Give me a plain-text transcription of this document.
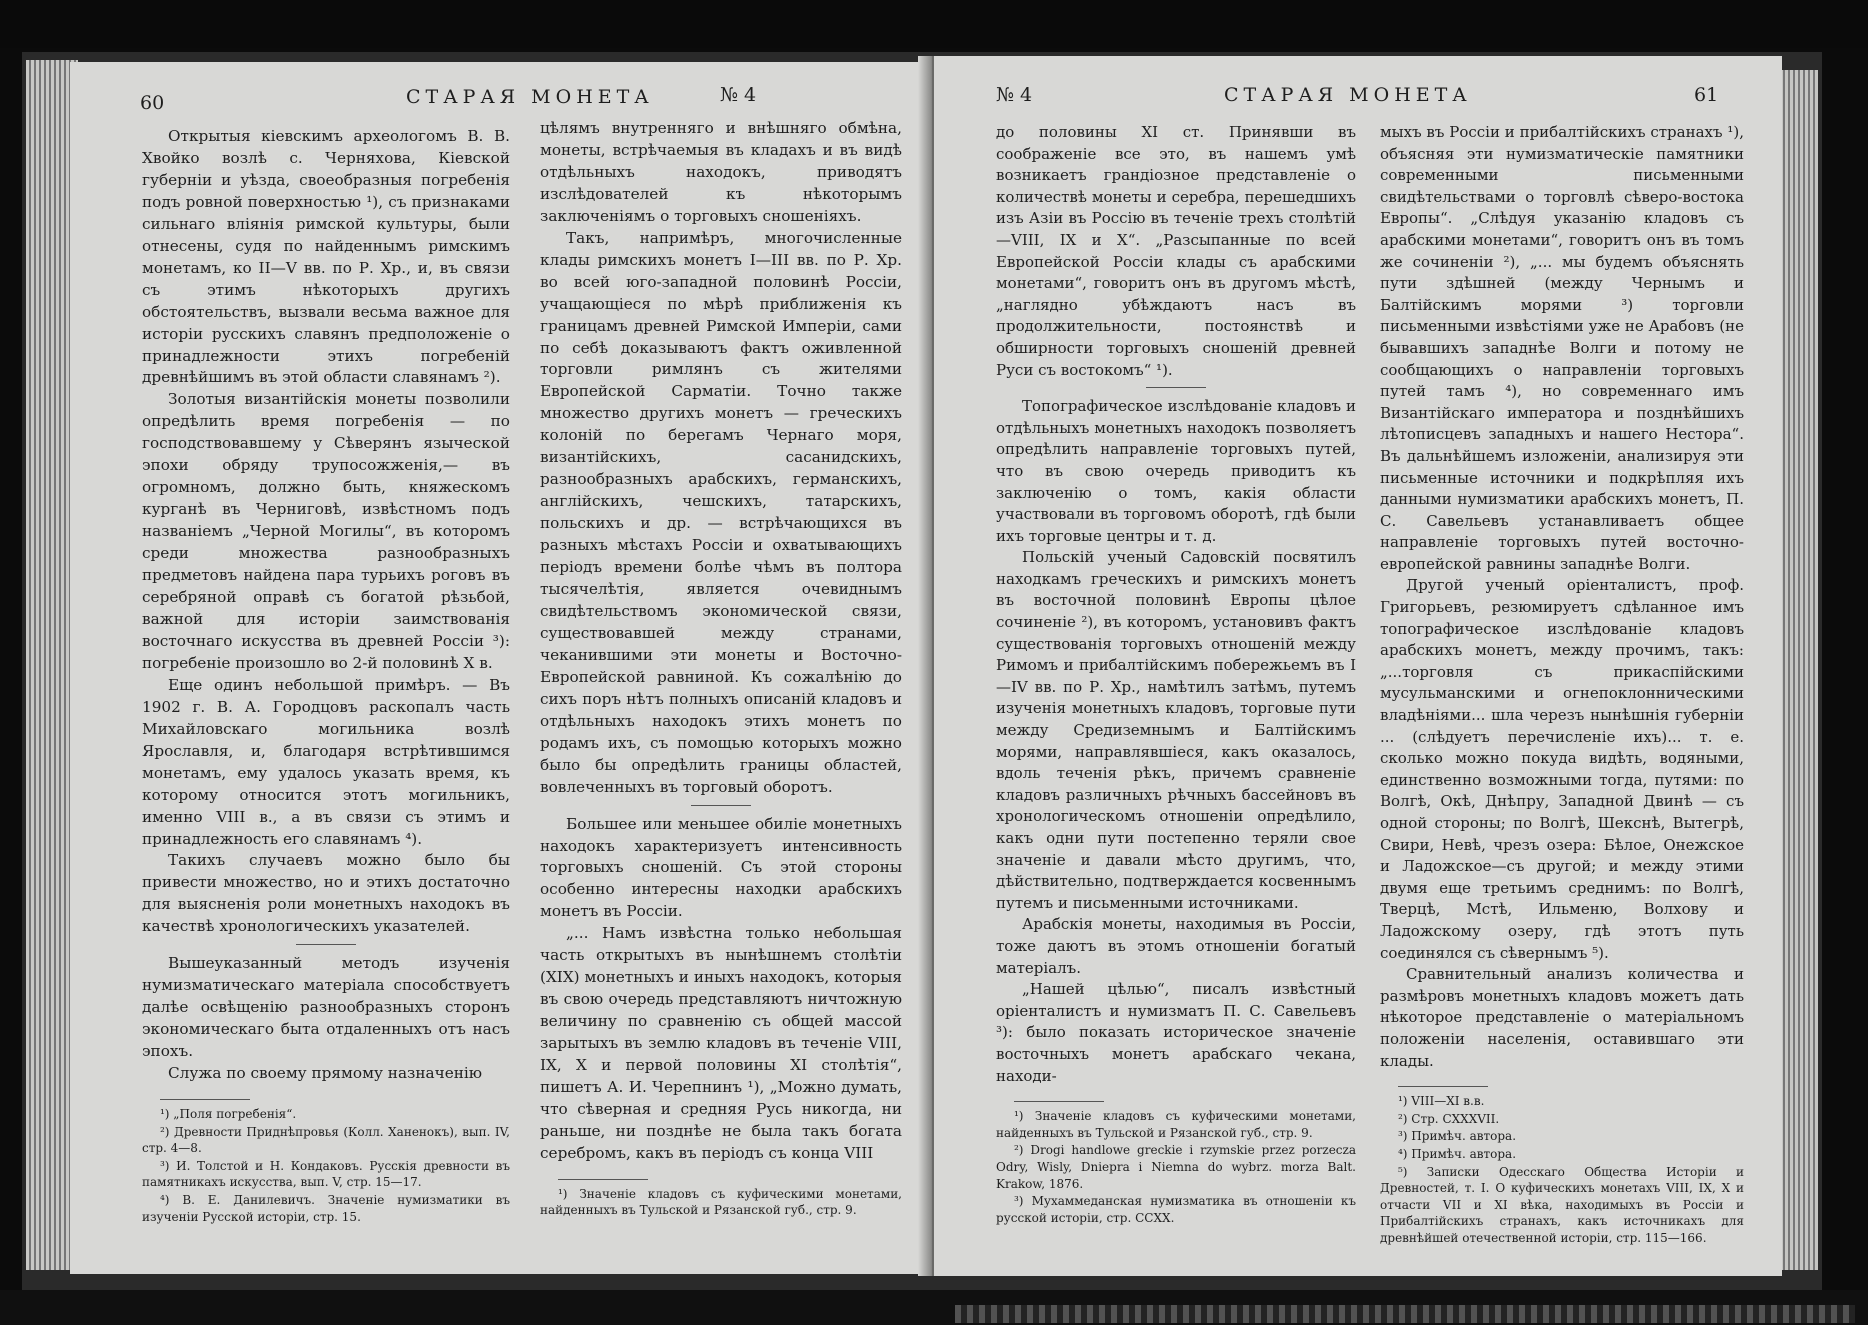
60	СТАРАЯ МОНЕТА	№ 4

Открытыя кіевскимъ археологомъ В. В. Хвойко возлѣ с. Черняхова, Кіевской губерніи и уѣзда, своеобразныя погребенія подъ ровной поверхностью ¹), съ признаками сильнаго вліянія римской культуры, были отнесены, судя по найденнымъ римскимъ монетамъ, ко II—V вв. по Р. Хр., и, въ связи съ этимъ нѣкоторыхъ другихъ обстоятельствъ, вызвали весьма важное для исторіи русскихъ славянъ предположеніе о принадлежности этихъ погребеній древнѣйшимъ въ этой области славянамъ ²).

Золотыя византійскія монеты позволили опредѣлить время погребенія — по господствовавшему у Сѣверянъ языческой эпохи обряду трупосожженія,— въ огромномъ, должно быть, княжескомъ курганѣ въ Черниговѣ, извѣстномъ подъ названіемъ „Черной Могилы“, въ которомъ среди множества разнообразныхъ предметовъ найдена пара турьихъ роговъ въ серебряной оправѣ съ богатой рѣзьбой, важной для исторіи заимствованія восточнаго искусства въ древней Россіи ³): погребеніе произошло во 2-й половинѣ Х в.

Еще одинъ небольшой примѣръ. — Въ 1902 г. В. А. Городцовъ раскопалъ часть Михайловскаго могильника возлѣ Ярославля, и, благодаря встрѣтившимся монетамъ, ему удалось указать время, къ которому относится этотъ могильникъ, именно VIII в., а въ связи съ этимъ и принадлежность его славянамъ ⁴).

Такихъ случаевъ можно было бы привести множество, но и этихъ достаточно для выясненія роли монетныхъ находокъ въ качествѣ хронологическихъ указателей.

Вышеуказанный методъ изученія нумизматическаго матеріала способствуетъ далѣе освѣщенію разнообразныхъ сторонъ экономическаго быта отдаленныхъ отъ насъ эпохъ.

Служа по своему прямому назначенію

¹) „Поля погребенія“.
²) Древности Приднѣпровья (Колл. Ханенокъ), вып. IV, стр. 4—8.
³) И. Толстой и Н. Кондаковъ. Русскія древности въ памятникахъ искусства, вып. V, стр. 15—17.
⁴) В. Е. Данилевичъ. Значеніе нумизматики въ изученіи Русской исторіи, стр. 15.

цѣлямъ внутренняго и внѣшняго обмѣна, монеты, встрѣчаемыя въ кладахъ и въ видѣ отдѣльныхъ находокъ, приводятъ изслѣдователей къ нѣкоторымъ заключеніямъ о торговыхъ сношеніяхъ.

Такъ, напримѣръ, многочисленные клады римскихъ монетъ I—III вв. по Р. Хр. во всей юго-западной половинѣ Россіи, учащающіеся по мѣрѣ приближенія къ границамъ древней Римской Имперіи, сами по себѣ доказываютъ фактъ оживленной торговли римлянъ съ жителями Европейской Сарматіи. Точно также множество другихъ монетъ — греческихъ колоній по берегамъ Чернаго моря, византійскихъ, сасанидскихъ, разнообразныхъ арабскихъ, германскихъ, англійскихъ, чешскихъ, татарскихъ, польскихъ и др. — встрѣчающихся въ разныхъ мѣстахъ Россіи и охватывающихъ періодъ времени болѣе чѣмъ въ полтора тысячелѣтія, является очевиднымъ свидѣтельствомъ экономической связи, существовавшей между странами, чеканившими эти монеты и Восточно-Европейской равниной. Къ сожалѣнію до сихъ поръ нѣтъ полныхъ описаній кладовъ и отдѣльныхъ находокъ этихъ монетъ по родамъ ихъ, съ помощью которыхъ можно было бы опредѣлить границы областей, вовлеченныхъ въ торговый оборотъ.

Большее или меньшее обиліе монетныхъ находокъ характеризуетъ интенсивность торговыхъ сношеній. Съ этой стороны особенно интересны находки арабскихъ монетъ въ Россіи.

„... Намъ извѣстна только небольшая часть открытыхъ въ нынѣшнемъ столѣтіи (XIX) монетныхъ и иныхъ находокъ, которыя въ свою очередь представляютъ ничтожную величину по сравненію съ общей массой зарытыхъ въ землю кладовъ въ теченіе VIII, IX, X и первой половины XI столѣтія“, пишетъ А. И. Черепнинъ ¹), „Можно думать, что сѣверная и средняя Русь никогда, ни раньше, ни позднѣе не была такъ богата серебромъ, какъ въ періодъ съ конца VIII

¹) Значеніе кладовъ съ куфическими монетами, найденныхъ въ Тульской и Рязанской губ., стр. 9.
№ 4	СТАРАЯ МОНЕТА	61

до половины XI ст. Принявши въ соображеніе все это, въ нашемъ умѣ возникаетъ грандіозное представленіе о количествѣ монеты и серебра, перешедшихъ изъ Азіи въ Россію въ теченіе трехъ столѣтій—VIII, IX и X“. „Разсыпанные по всей Европейской Россіи клады съ арабскими монетами“, говоритъ онъ въ другомъ мѣстѣ, „наглядно убѣждаютъ насъ въ продолжительности, постоянствѣ и обширности торговыхъ сношеній древней Руси съ востокомъ“ ¹).

Топографическое изслѣдованіе кладовъ и отдѣльныхъ монетныхъ находокъ позволяетъ опредѣлить направленіе торговыхъ путей, что въ свою очередь приводитъ къ заключенію о томъ, какія области участвовали въ торговомъ оборотѣ, гдѣ были ихъ торговые центры и т. д.

Польскій ученый Садовскій посвятилъ находкамъ греческихъ и римскихъ монетъ въ восточной половинѣ Европы цѣлое сочиненіе ²), въ которомъ, установивъ фактъ существованія торговыхъ отношеній между Римомъ и прибалтійскимъ побережьемъ въ I—IV вв. по Р. Хр., намѣтилъ затѣмъ, путемъ изученія монетныхъ кладовъ, торговые пути между Средиземнымъ и Балтійскимъ морями, направлявшіеся, какъ оказалось, вдоль теченія рѣкъ, причемъ сравненіе кладовъ различныхъ рѣчныхъ бассейновъ въ хронологическомъ отношеніи опредѣлило, какъ одни пути постепенно теряли свое значеніе и давали мѣсто другимъ, что, дѣйствительно, подтверждается косвеннымъ путемъ и письменными источниками.

Арабскія монеты, находимыя въ Россіи, тоже даютъ въ этомъ отношеніи богатый матеріалъ.

„Нашей цѣлью“, писалъ извѣстный оріенталистъ и нумизматъ П. С. Савельевъ ³): было показать историческое значеніе восточныхъ монетъ арабскаго чекана, находи-

¹) Значеніе кладовъ съ куфическими монетами, найденныхъ въ Тульской и Рязанской губ., стр. 9.
²) Drogi handlowe greckie i rzymskie przez porzecza Odry, Wisly, Dniepra i Niemna do wybrz. morza Balt. Krakow, 1876.
³) Мухаммеданская нумизматика въ отношеніи къ русской исторіи, стр. CCXX.

мыхъ въ Россіи и прибалтійскихъ странахъ ¹), объясняя эти нумизматическіе памятники современными письменными свидѣтельствами о торговлѣ сѣверо-востока Европы“. „Слѣдуя указанію кладовъ съ арабскими монетами“, говоритъ онъ въ томъ же сочиненіи ²), „... мы будемъ объяснять пути здѣшней (между Чернымъ и Балтійскимъ морями ³) торговли письменными извѣстіями уже не Арабовъ (не бывавшихъ западнѣе Волги и потому не сообщающихъ о направленіи торговыхъ путей тамъ ⁴), но современнаго имъ Византійскаго императора и позднѣйшихъ лѣтописцевъ западныхъ и нашего Нестора“. Въ дальнѣйшемъ изложеніи, анализируя эти письменные источники и подкрѣпляя ихъ данными нумизматики арабскихъ монетъ, П. С. Савельевъ устанавливаетъ общее направленіе торговыхъ путей восточно-европейской равнины западнѣе Волги.

Другой ученый оріенталистъ, проф. Григорьевъ, резюмируетъ сдѣланное имъ топографическое изслѣдованіе кладовъ арабскихъ монетъ, между прочимъ, такъ: „...торговля съ прикаспійскими мусульманскими и огнепоклонническими владѣніями... шла черезъ нынѣшнія губерніи ... (слѣдуетъ перечисленіе ихъ)... т. е. сколько можно покуда видѣть, водяными, единственно возможными тогда, путями: по Волгѣ, Окѣ, Днѣпру, Западной Двинѣ — съ одной стороны; по Волгѣ, Шекснѣ, Вытегрѣ, Свири, Невѣ, чрезъ озера: Бѣлое, Онежское и Ладожское—съ другой; и между этими двумя еще третьимъ среднимъ: по Волгѣ, Тверцѣ, Мстѣ, Ильменю, Волхову и Ладожскому озеру, гдѣ этотъ путь соединялся съ сѣвернымъ ⁵).

Сравнительный анализъ количества и размѣровъ монетныхъ кладовъ можетъ дать нѣкоторое представленіе о матеріальномъ положеніи населенія, оставившаго эти клады.

¹) VIII—XI в.в.
²) Стр. CXXXVII.
³) Примѣч. автора.
⁴) Примѣч. автора.
⁵) Записки Одесскаго Общества Исторіи и Древностей, т. I. О куфическихъ монетахъ VIII, IX, X и отчасти VII и XI вѣка, находимыхъ въ Россіи и Прибалтійскихъ странахъ, какъ источникахъ для древнѣйшей отечественной исторіи, стр. 115—166.
